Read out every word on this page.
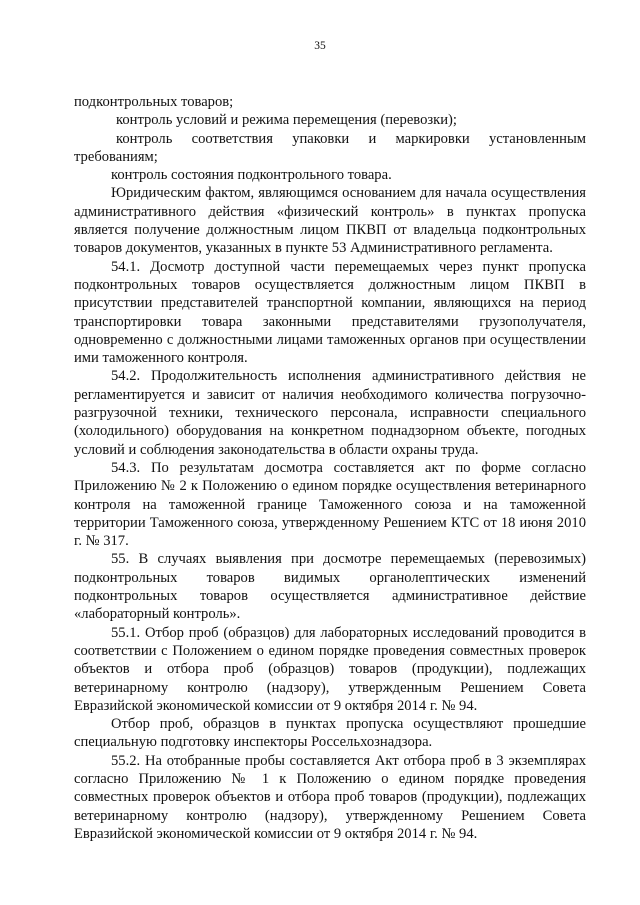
35

подконтрольных товаров;

контроль условий и режима перемещения (перевозки);

контроль соответствия упаковки и маркировки установленным требованиям;

контроль состояния подконтрольного товара.

Юридическим фактом, являющимся основанием для начала осуществления административного действия «физический контроль» в пунктах пропуска является получение должностным лицом ПКВП от владельца подконтрольных товаров документов, указанных в пункте 53 Административного регламента.

54.1. Досмотр доступной части перемещаемых через пункт пропуска подконтрольных товаров осуществляется должностным лицом ПКВП в присутствии представителей транспортной компании, являющихся на период транспортировки товара законными представителями грузополучателя, одновременно с должностными лицами таможенных органов при осуществлении ими таможенного контроля.

54.2. Продолжительность исполнения административного действия не регламентируется и зависит от наличия необходимого количества погрузочно-разгрузочной техники, технического персонала, исправности специального (холодильного) оборудования на конкретном поднадзорном объекте, погодных условий и соблюдения законодательства в области охраны труда.

54.3. По результатам досмотра составляется акт по форме согласно Приложению № 2 к Положению о едином порядке осуществления ветеринарного контроля на таможенной границе Таможенного союза и на таможенной территории Таможенного союза, утвержденному Решением КТС от 18 июня 2010 г. № 317.

55. В случаях выявления при досмотре перемещаемых (перевозимых) подконтрольных товаров видимых органолептических изменений подконтрольных товаров осуществляется административное действие «лабораторный контроль».

55.1. Отбор проб (образцов) для лабораторных исследований проводится в соответствии с Положением о едином порядке проведения совместных проверок объектов и отбора проб (образцов) товаров (продукции), подлежащих ветеринарному контролю (надзору), утвержденным Решением Совета Евразийской экономической комиссии от 9 октября 2014 г. № 94.

Отбор проб, образцов в пунктах пропуска осуществляют прошедшие специальную подготовку инспекторы Россельхознадзора.

55.2. На отобранные пробы составляется Акт отбора проб в 3 экземплярах согласно Приложению № 1 к Положению о едином порядке проведения совместных проверок объектов и отбора проб товаров (продукции), подлежащих ветеринарному контролю (надзору), утвержденному Решением Совета Евразийской экономической комиссии от 9 октября 2014 г. № 94.
